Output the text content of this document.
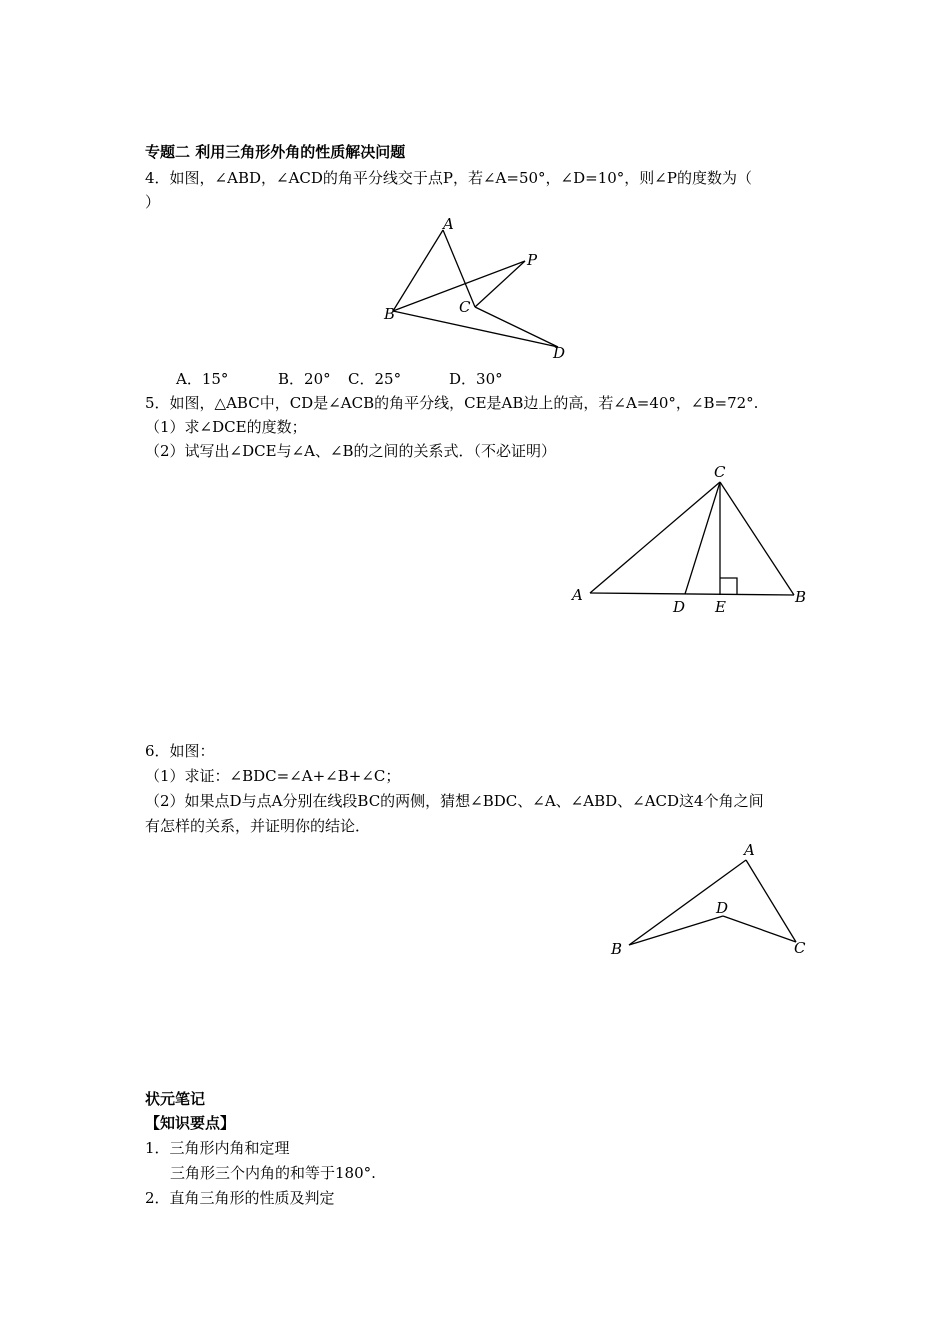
专题二 利用三角形外角的性质解决问题
4．如图，∠ABD，∠ACD的角平分线交于点P，若∠A=50°，∠D=10°，则∠P的度数为（
）
A
P
C
B
D
A．15°	B．20° C．25°	D．30°
5．如图，△ABC中，CD是∠ACB的角平分线，CE是AB边上的高，若∠A=40°，∠B=72°.
（1）求∠DCE的度数；
（2）试写出∠DCE与∠A、∠B的之间的关系式．（不必证明）
C
A	B
D E
6．如图：
（1）求证：∠BDC=∠A+∠B+∠C；
（2）如果点D与点A分别在线段BC的两侧，猜想∠BDC、∠A、∠ABD、∠ACD这4个角之间
有怎样的关系，并证明你的结论．
A
D
B	C
状元笔记
【知识要点】
1．三角形内角和定理
三角形三个内角的和等于180°.
2．直角三角形的性质及判定
